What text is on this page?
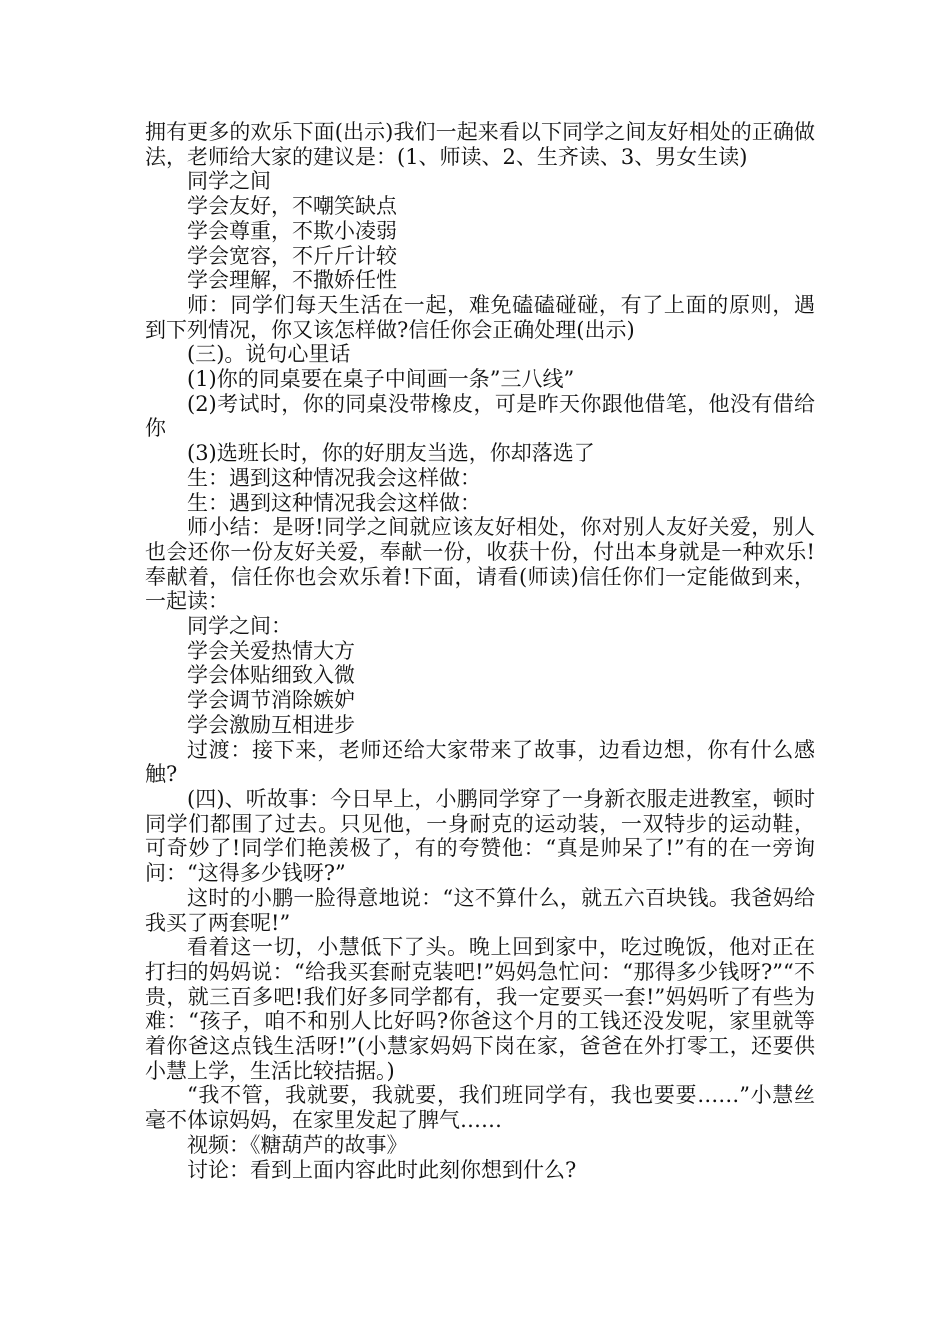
拥有更多的欢乐下面(出示)我们一起来看以下同学之间友好相处的正确做法，老师给大家的建议是：(1、师读、2、生齐读、3、男女生读)

同学之间

学会友好，不嘲笑缺点

学会尊重，不欺小凌弱

学会宽容，不斤斤计较

学会理解，不撒娇任性

师：同学们每天生活在一起，难免磕磕碰碰，有了上面的原则，遇到下列情况，你又该怎样做?信任你会正确处理(出示)

(三)。说句心里话

(1)你的同桌要在桌子中间画一条”三八线”

(2)考试时，你的同桌没带橡皮，可是昨天你跟他借笔，他没有借给你

(3)选班长时，你的好朋友当选，你却落选了

生：遇到这种情况我会这样做：

生：遇到这种情况我会这样做：

师小结：是呀!同学之间就应该友好相处，你对别人友好关爱，别人也会还你一份友好关爱，奉献一份，收获十份，付出本身就是一种欢乐!奉献着，信任你也会欢乐着!下面，请看(师读)信任你们一定能做到来，一起读：

同学之间：

学会关爱热情大方

学会体贴细致入微

学会调节消除嫉妒

学会激励互相进步

过渡：接下来，老师还给大家带来了故事，边看边想，你有什么感触?

(四)、听故事：今日早上，小鹏同学穿了一身新衣服走进教室，顿时同学们都围了过去。只见他，一身耐克的运动装，一双特步的运动鞋，可奇妙了!同学们艳羡极了，有的夸赞他：“真是帅呆了!”有的在一旁询问：“这得多少钱呀?”

这时的小鹏一脸得意地说：“这不算什么，就五六百块钱。我爸妈给我买了两套呢!”

看着这一切，小慧低下了头。晚上回到家中，吃过晚饭，他对正在打扫的妈妈说：“给我买套耐克装吧!”妈妈急忙问：“那得多少钱呀?”“不贵，就三百多吧!我们好多同学都有，我一定要买一套!”妈妈听了有些为难：“孩子，咱不和别人比好吗?你爸这个月的工钱还没发呢，家里就等着你爸这点钱生活呀!”(小慧家妈妈下岗在家，爸爸在外打零工，还要供小慧上学，生活比较拮据。)

“我不管，我就要，我就要，我们班同学有，我也要要……”小慧丝毫不体谅妈妈，在家里发起了脾气……

视频：《糖葫芦的故事》

讨论：看到上面内容此时此刻你想到什么?
